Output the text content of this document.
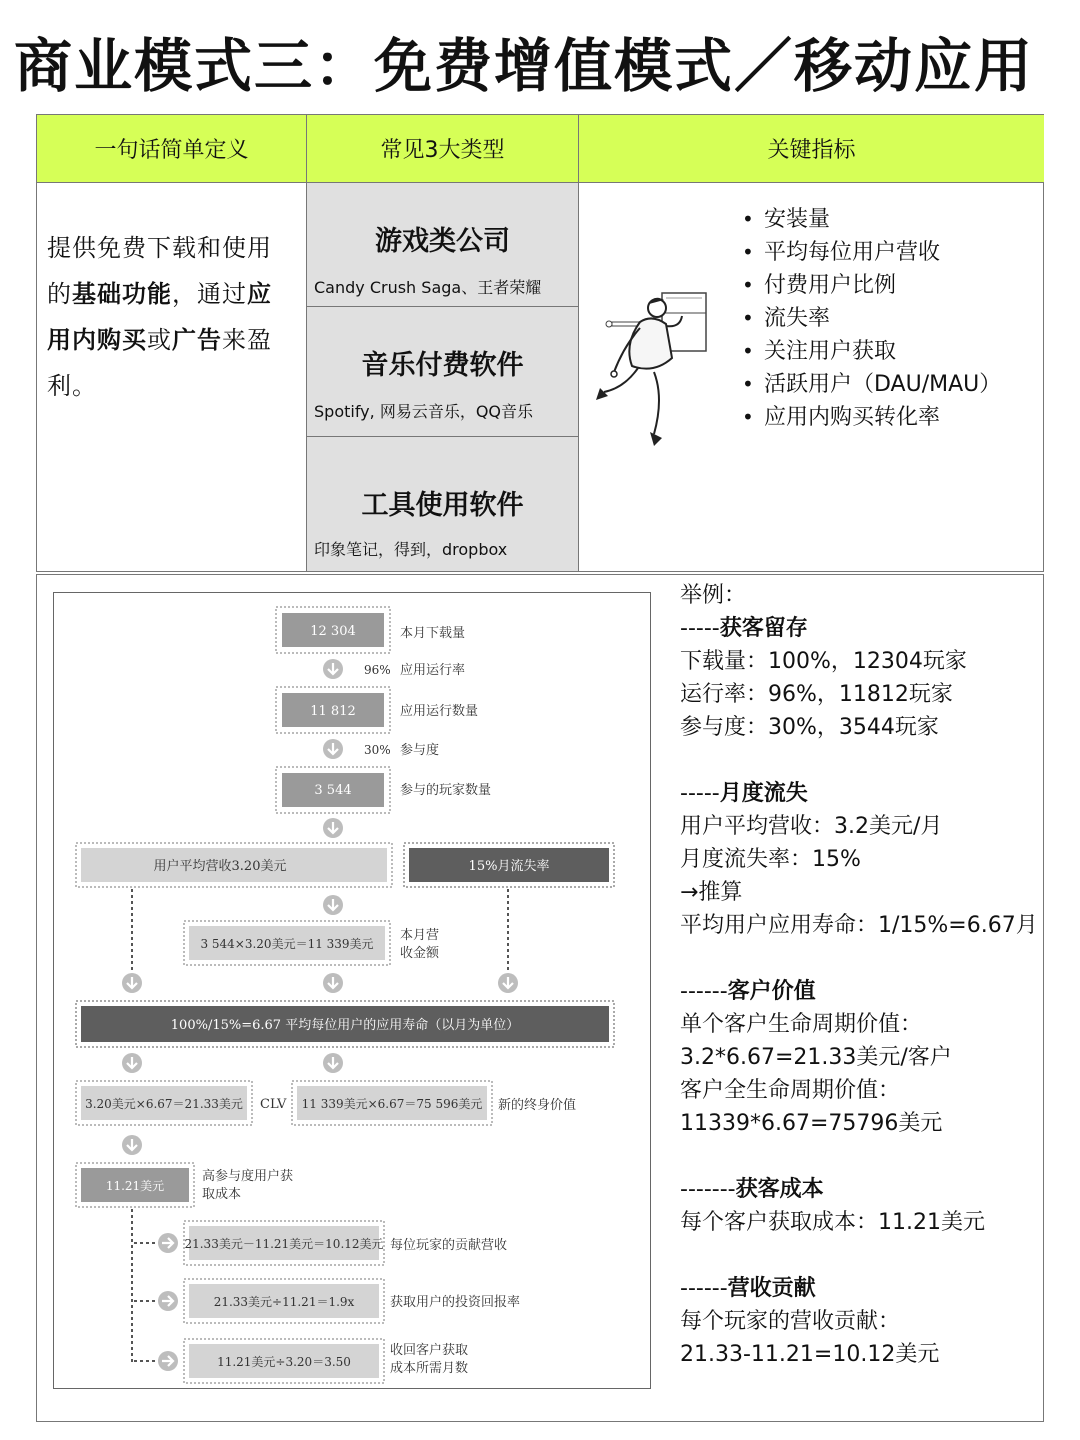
商业模式三：免费增值模式／移动应用
一句话简单定义	常见3大类型	关键指标
提供免费下载和使用的基础功能，通过应用内购买或广告来盈利。
游戏类公司
Candy Crush Saga、王者荣耀
音乐付费软件
Spotify, 网易云音乐，QQ音乐
工具使用软件
印象笔记，得到，dropbox
• 安装量
• 平均每位用户营收
• 付费用户比例
• 流失率
• 关注用户获取
• 活跃用户（DAU/MAU）
• 应用内购买转化率
12 304	本月下载量
96% 应用运行率
11 812	应用运行数量
30% 参与度
3 544	参与的玩家数量
用户平均营收3.20美元	15%月流失率
3 544×3.20美元＝11 339美元
本月营
收金额
100%/15%=6.67 平均每位用户的应用寿命（以月为单位）
3.20美元×6.67＝21.33美元 CLV 11 339美元×6.67＝75 596美元 新的终身价值
11.21美元
高参与度用户获
取成本
21.33美元－11.21美元＝10.12美元 每位玩家的贡献营收
21.33美元÷11.21＝1.9x	获取用户的投资回报率
11.21美元÷3.20＝3.50
收回客户获取
成本所需月数
举例：
-----获客留存
下载量：100%，12304玩家
运行率：96%，11812玩家
参与度：30%，3544玩家
-----月度流失
用户平均营收：3.2美元/月
月度流失率：15%
→推算
平均用户应用寿命：1/15%=6.67月
------客户价值
单个客户生命周期价值：
3.2*6.67=21.33美元/客户
客户全生命周期价值：
11339*6.67=75796美元
-------获客成本
每个客户获取成本：11.21美元
------营收贡献
每个玩家的营收贡献：
21.33-11.21=10.12美元
